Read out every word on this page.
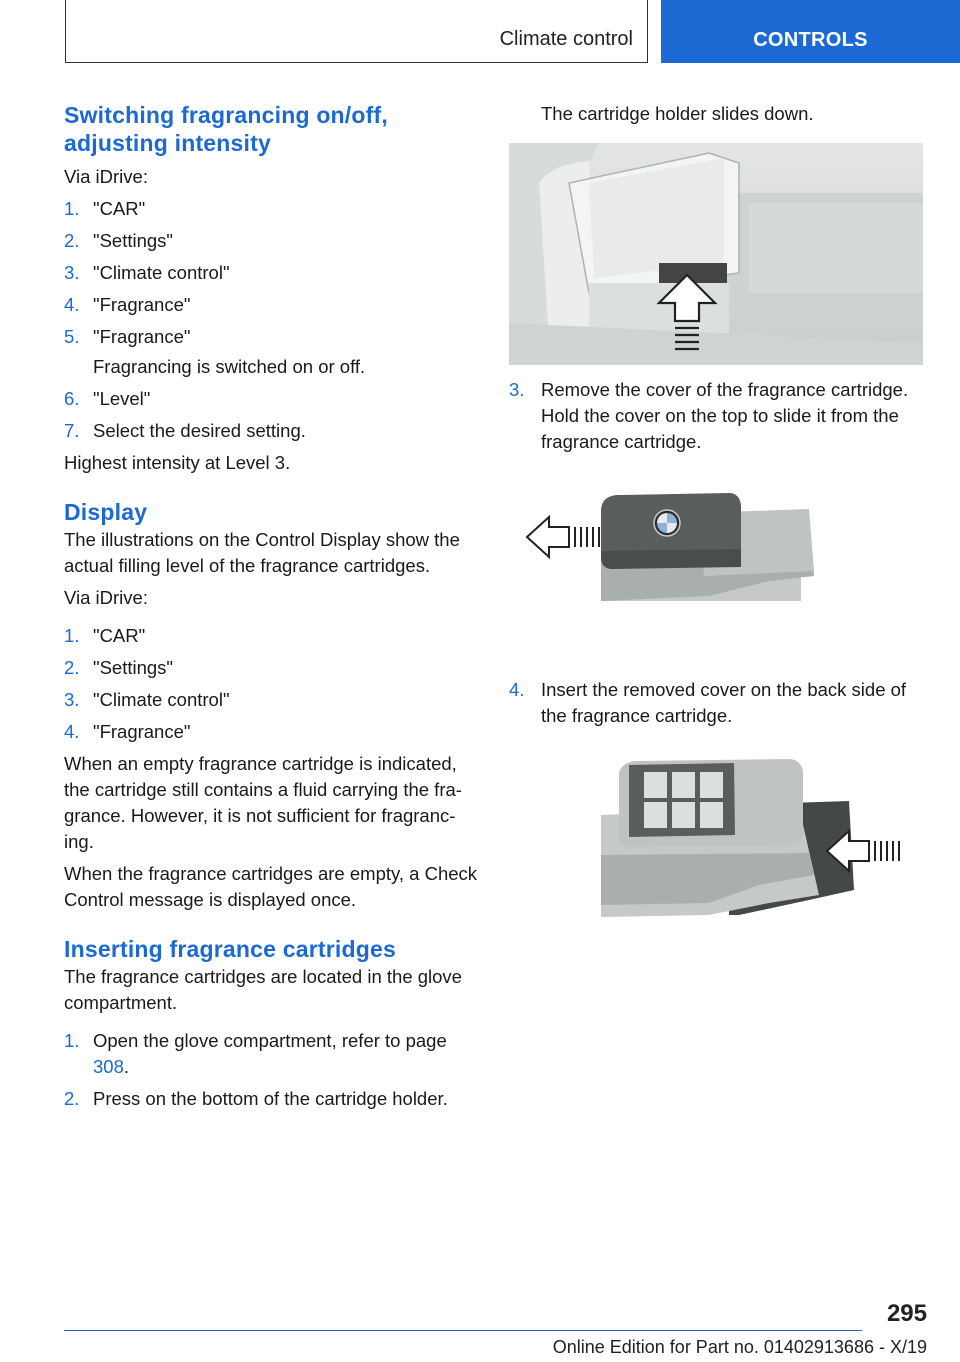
Climate control	CONTROLS
Switching fragrancing on/off,
adjusting intensity

Via iDrive:

1. "CAR"
2. "Settings"
3. "Climate control"
4. "Fragrance"
5. "Fragrance"
Fragrancing is switched on or off.
6. "Level"
7. Select the desired setting.

Highest intensity at Level 3.

Display

The illustrations on the Control Display show the actual filling level of the fragrance cartridges.

Via iDrive:

1. "CAR"
2. "Settings"
3. "Climate control"
4. "Fragrance"

When an empty fragrance cartridge is indicated, the cartridge still contains a fluid carrying the fra-grance. However, it is not sufficient for fragranc-ing.

When the fragrance cartridges are empty, a Check Control message is displayed once.

Inserting fragrance cartridges

The fragrance cartridges are located in the glove compartment.

1. Open the glove compartment, refer to page 308.
2. Press on the bottom of the cartridge holder.
The cartridge holder slides down.
3. Remove the cover of the fragrance cartridge. Hold the cover on the top to slide it from the fragrance cartridge.
4. Insert the removed cover on the back side of the fragrance cartridge.
295
Online Edition for Part no. 01402913686 - X/19
